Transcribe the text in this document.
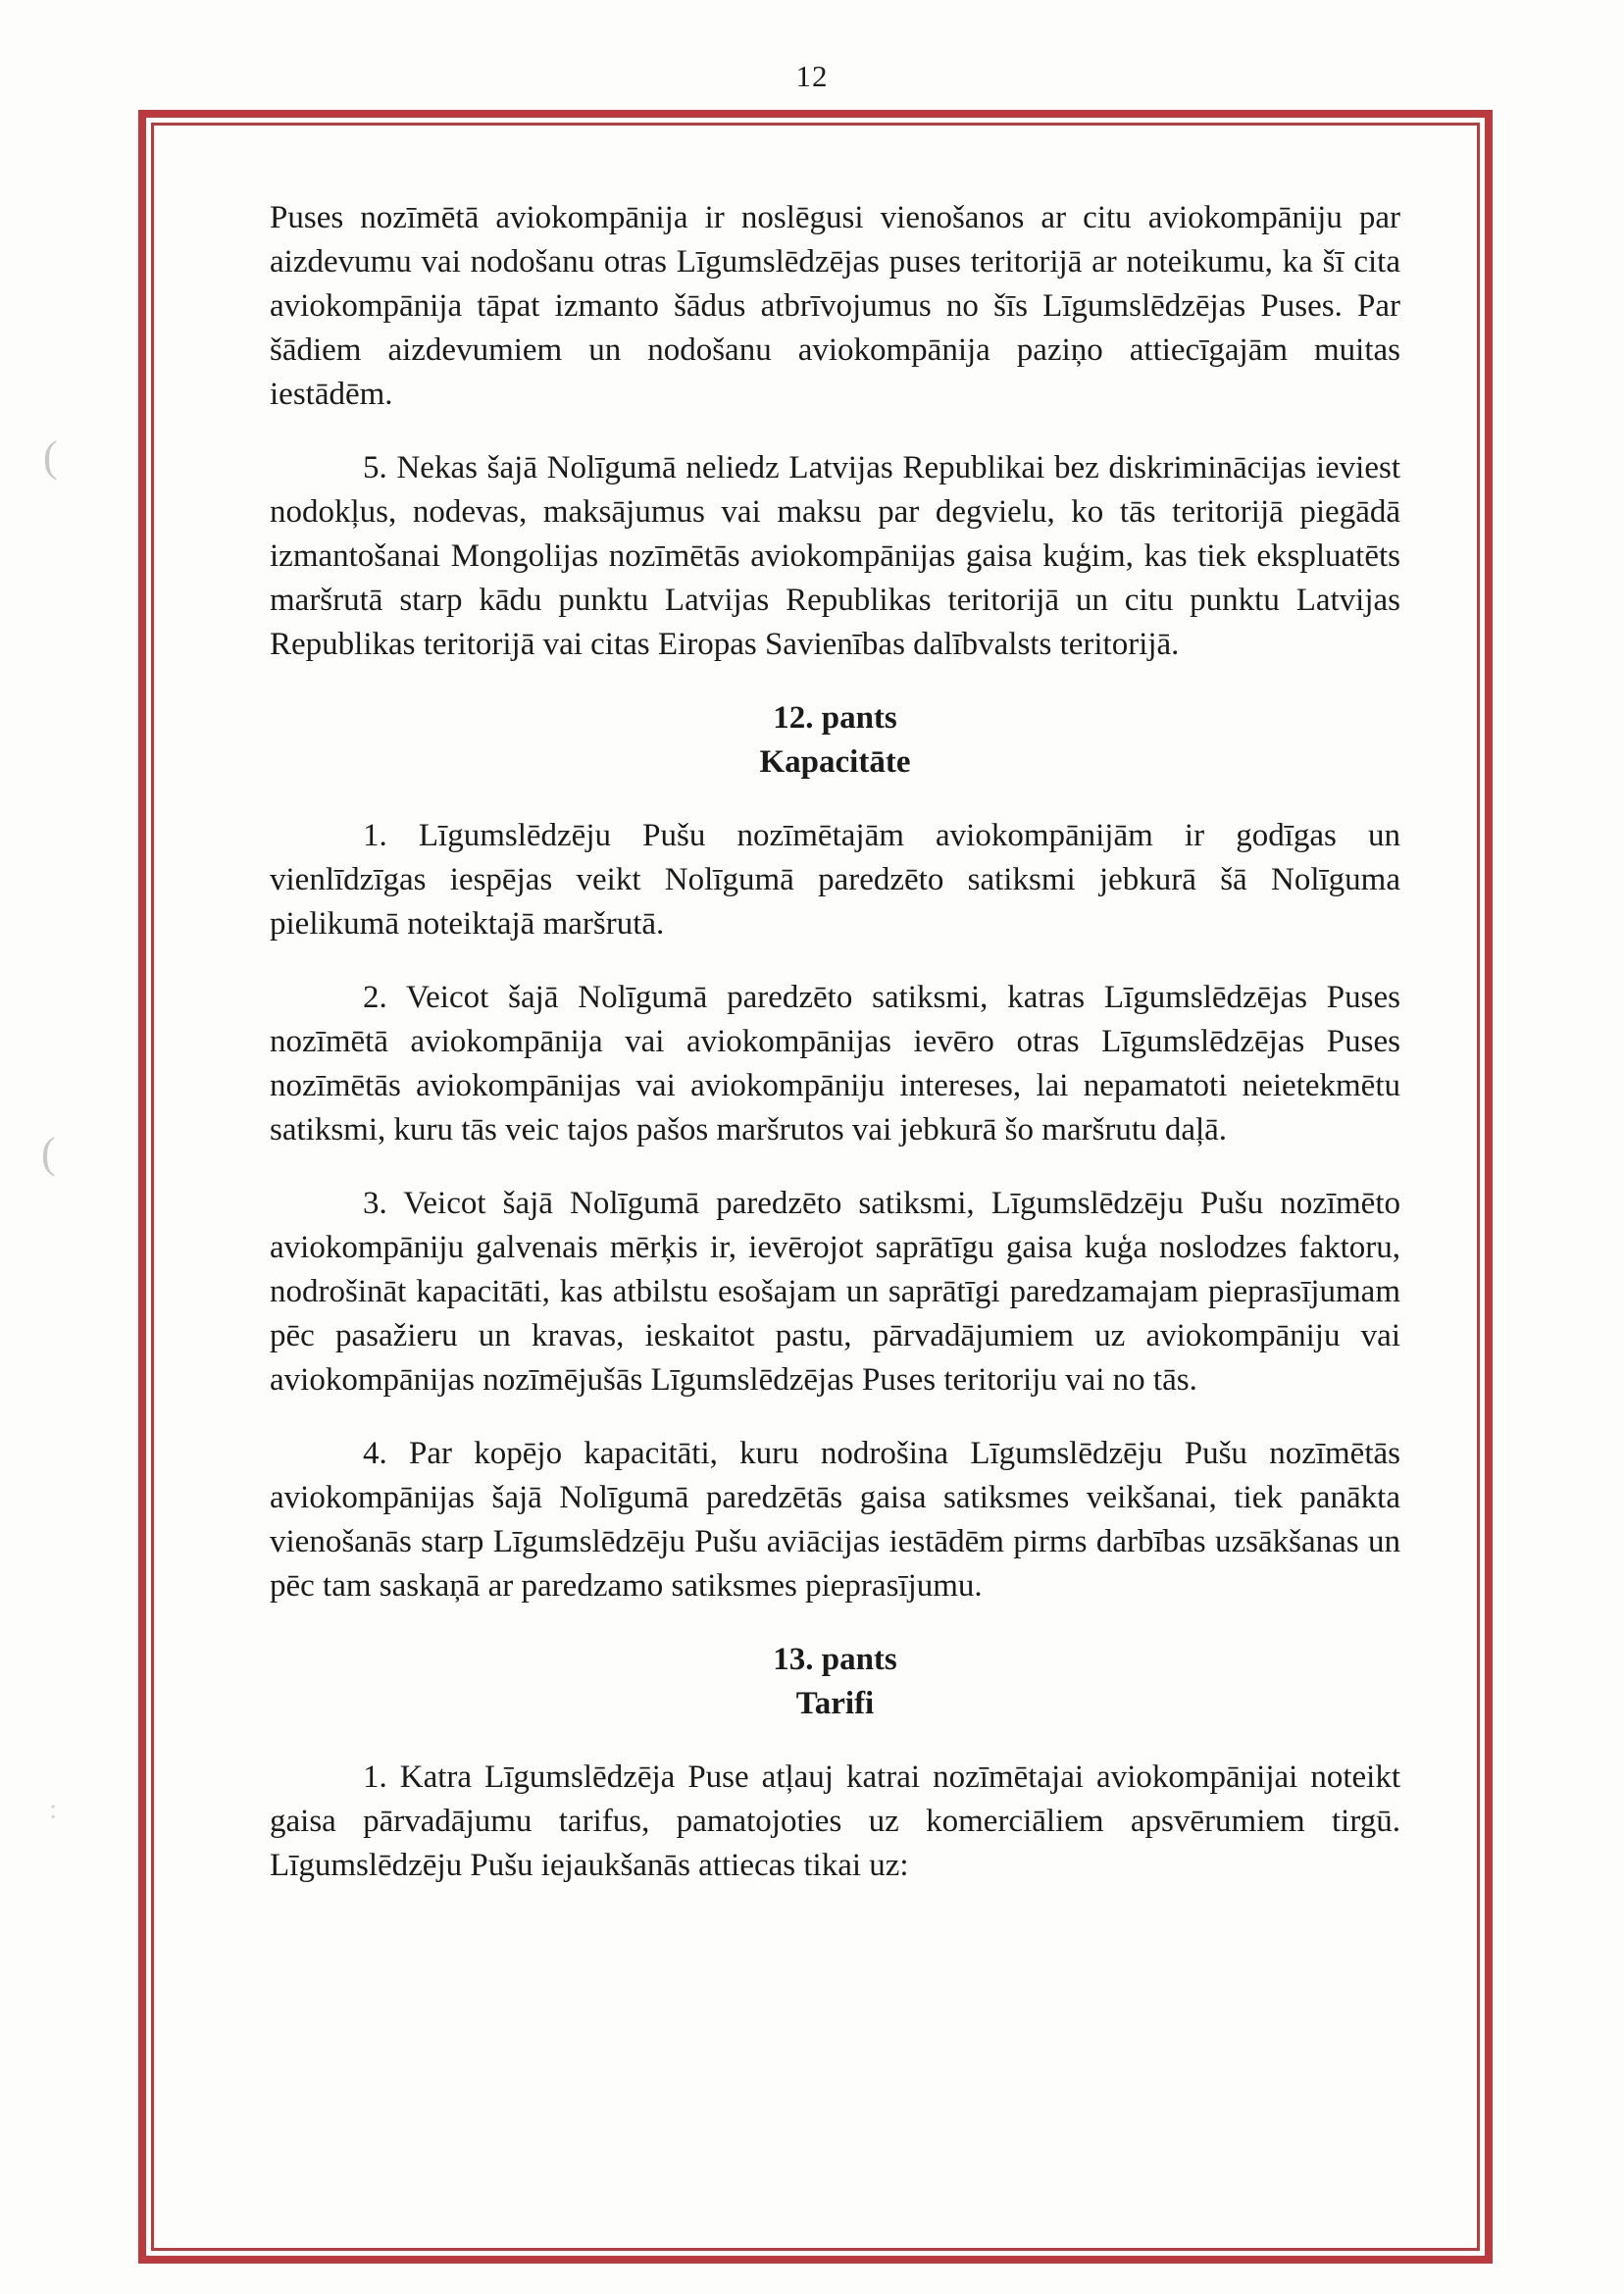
12
(
(
:

Puses nozīmētā aviokompānija ir noslēgusi vienošanos ar citu aviokompāniju par aizdevumu vai nodošanu otras Līgumslēdzējas puses teritorijā ar noteikumu, ka šī cita aviokompānija tāpat izmanto šādus atbrīvojumus no šīs Līgumslēdzējas Puses. Par šādiem aizdevumiem un nodošanu aviokompānija paziņo attiecīgajām muitas iestādēm.

5. Nekas šajā Nolīgumā neliedz Latvijas Republikai bez diskriminācijas ieviest nodokļus, nodevas, maksājumus vai maksu par degvielu, ko tās teritorijā piegādā izmantošanai Mongolijas nozīmētās aviokompānijas gaisa kuģim, kas tiek ekspluatēts maršrutā starp kādu punktu Latvijas Republikas teritorijā un citu punktu Latvijas Republikas teritorijā vai citas Eiropas Savienības dalībvalsts teritorijā.

12. pants
Kapacitāte

1. Līgumslēdzēju Pušu nozīmētajām aviokompānijām ir godīgas un vienlīdzīgas iespējas veikt Nolīgumā paredzēto satiksmi jebkurā šā Nolīguma pielikumā noteiktajā maršrutā.

2. Veicot šajā Nolīgumā paredzēto satiksmi, katras Līgumslēdzējas Puses nozīmētā aviokompānija vai aviokompānijas ievēro otras Līgumslēdzējas Puses nozīmētās aviokompānijas vai aviokompāniju intereses, lai nepamatoti neietekmētu satiksmi, kuru tās veic tajos pašos maršrutos vai jebkurā šo maršrutu daļā.

3. Veicot šajā Nolīgumā paredzēto satiksmi, Līgumslēdzēju Pušu nozīmēto aviokompāniju galvenais mērķis ir, ievērojot saprātīgu gaisa kuģa noslodzes faktoru, nodrošināt kapacitāti, kas atbilstu esošajam un saprātīgi paredzamajam pieprasījumam pēc pasažieru un kravas, ieskaitot pastu, pārvadājumiem uz aviokompāniju vai aviokompānijas nozīmējušās Līgumslēdzējas Puses teritoriju vai no tās.

4. Par kopējo kapacitāti, kuru nodrošina Līgumslēdzēju Pušu nozīmētās aviokompānijas šajā Nolīgumā paredzētās gaisa satiksmes veikšanai, tiek panākta vienošanās starp Līgumslēdzēju Pušu aviācijas iestādēm pirms darbības uzsākšanas un pēc tam saskaņā ar paredzamo satiksmes pieprasījumu.

13. pants
Tarifi

1. Katra Līgumslēdzēja Puse atļauj katrai nozīmētajai aviokompānijai noteikt gaisa pārvadājumu tarifus, pamatojoties uz komerciāliem apsvērumiem tirgū. Līgumslēdzēju Pušu iejaukšanās attiecas tikai uz:
